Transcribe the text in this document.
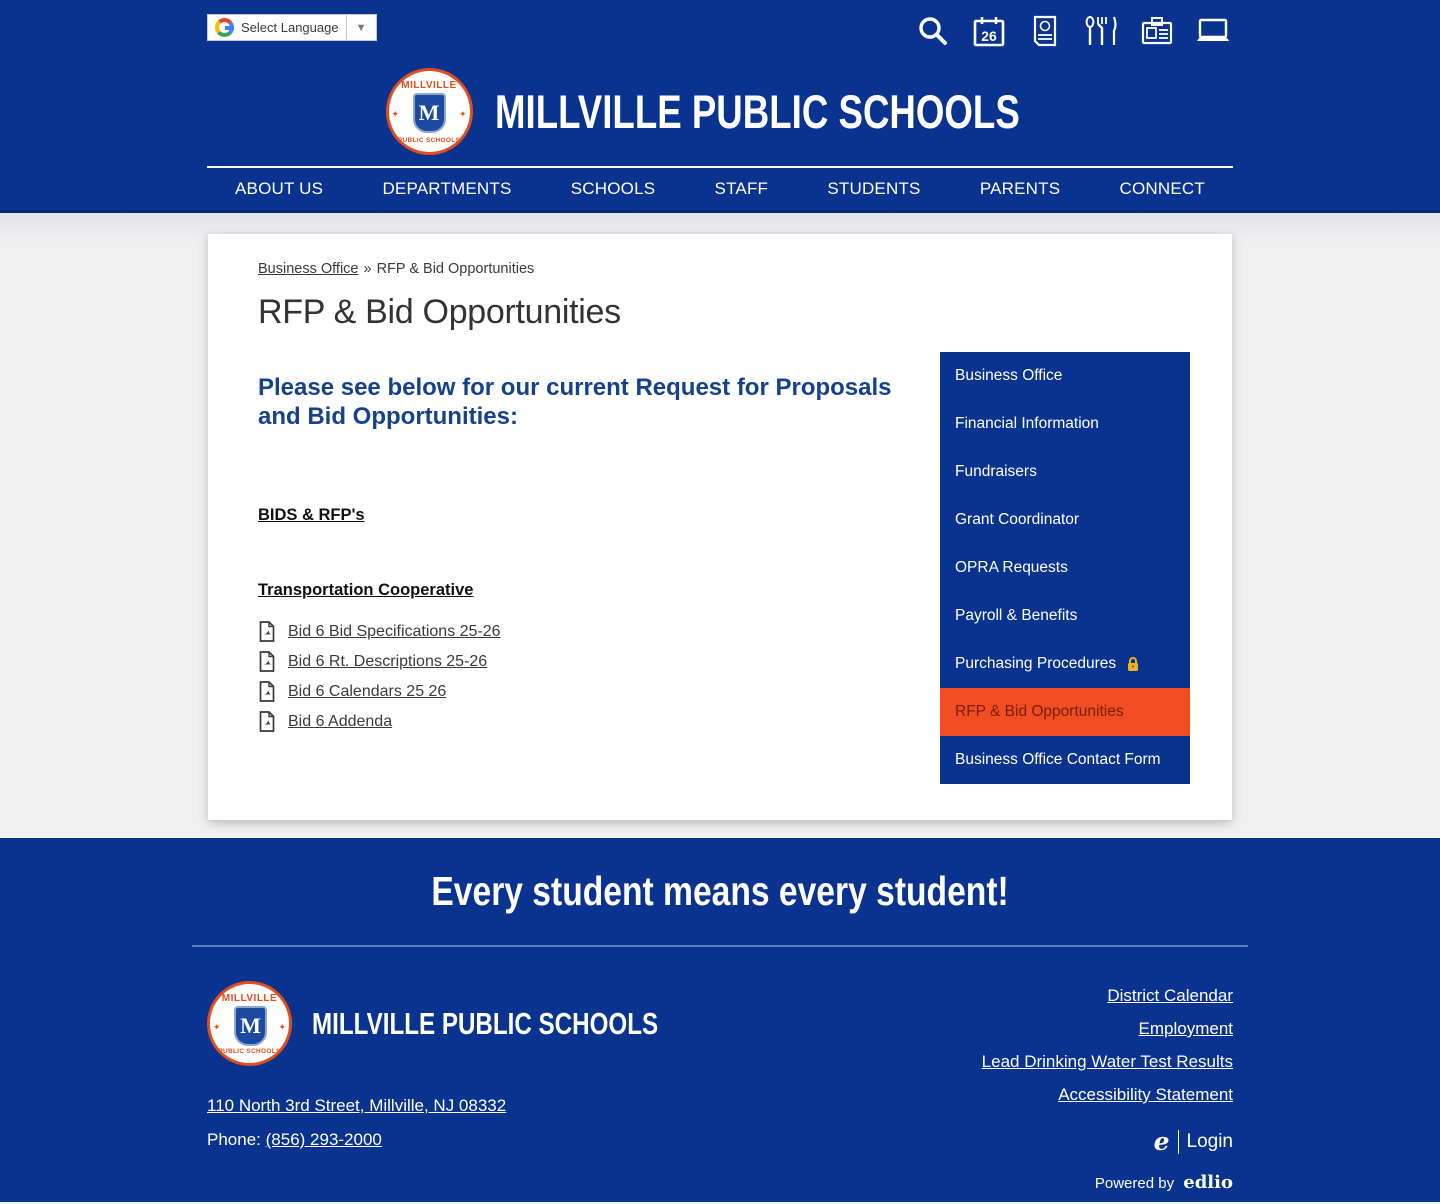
Select Language	▼
26
MILLVILLE
✦ M	✦
PUBLIC SCHOOLS
MILLVILLE PUBLIC SCHOOLS
ABOUT US	DEPARTMENTS	SCHOOLS	STAFF	STUDENTS	PARENTS	CONNECT
Business Office » RFP & Bid Opportunities
RFP & Bid Opportunities
Please see below for our current Request for Proposals and Bid Opportunities:
BIDS & RFP's
Transportation Cooperative
Bid 6 Bid Specifications 25-26
Bid 6 Rt. Descriptions 25-26
Bid 6 Calendars 25 26
Bid 6 Addenda
Business Office
Financial Information
Fundraisers
Grant Coordinator
OPRA Requests
Payroll & Benefits
Purchasing Procedures
RFP & Bid Opportunities
Business Office Contact Form
Every student means every student!
MILLVILLE
✦ M	✦
PUBLIC SCHOOLS
MILLVILLE PUBLIC SCHOOLS
110 North 3rd Street, Millville, NJ 08332
Phone: (856) 293-2000
District Calendar
Employment
Lead Drinking Water Test Results
Accessibility Statement
e Login
Powered by edlio
